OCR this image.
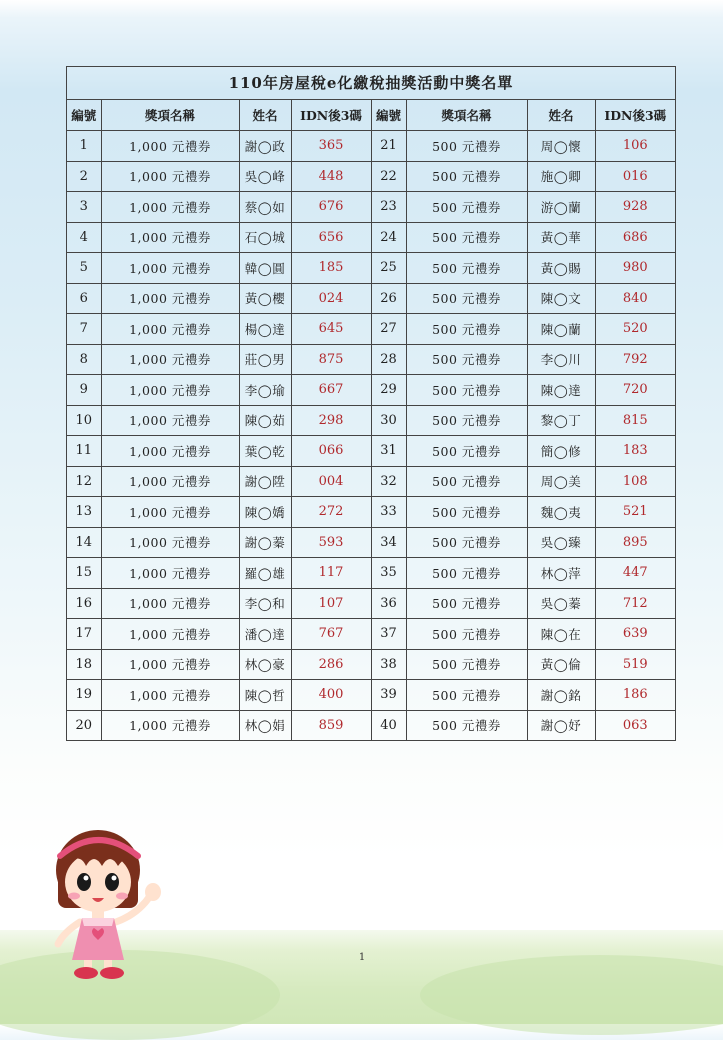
110年房屋稅e化繳稅抽獎活動中獎名單
編號	獎項名稱	姓名	IDN後3碼	編號	獎項名稱	姓名	IDN後3碼
1	1,000 元禮券	謝◯政	365	21	500 元禮券	周◯懷	106
2	1,000 元禮券	吳◯峰	448	22	500 元禮券	施◯卿	016
3	1,000 元禮券	蔡◯如	676	23	500 元禮券	游◯蘭	928
4	1,000 元禮券	石◯城	656	24	500 元禮券	黃◯華	686
5	1,000 元禮券	韓◯圓	185	25	500 元禮券	黃◯賜	980
6	1,000 元禮券	黃◯櫻	024	26	500 元禮券	陳◯文	840
7	1,000 元禮券	楊◯達	645	27	500 元禮券	陳◯蘭	520
8	1,000 元禮券	莊◯男	875	28	500 元禮券	李◯川	792
9	1,000 元禮券	李◯瑜	667	29	500 元禮券	陳◯達	720
10	1,000 元禮券	陳◯茹	298	30	500 元禮券	黎◯丁	815
11	1,000 元禮券	葉◯乾	066	31	500 元禮券	簡◯修	183
12	1,000 元禮券	謝◯陞	004	32	500 元禮券	周◯美	108
13	1,000 元禮券	陳◯嬌	272	33	500 元禮券	魏◯夷	521
14	1,000 元禮券	謝◯蓁	593	34	500 元禮券	吳◯臻	895
15	1,000 元禮券	羅◯雄	117	35	500 元禮券	林◯萍	447
16	1,000 元禮券	李◯和	107	36	500 元禮券	吳◯蓁	712
17	1,000 元禮券	潘◯達	767	37	500 元禮券	陳◯在	639
18	1,000 元禮券	林◯豪	286	38	500 元禮券	黃◯倫	519
19	1,000 元禮券	陳◯哲	400	39	500 元禮券	謝◯銘	186
20	1,000 元禮券	林◯娟	859	40	500 元禮券	謝◯妤	063
1
